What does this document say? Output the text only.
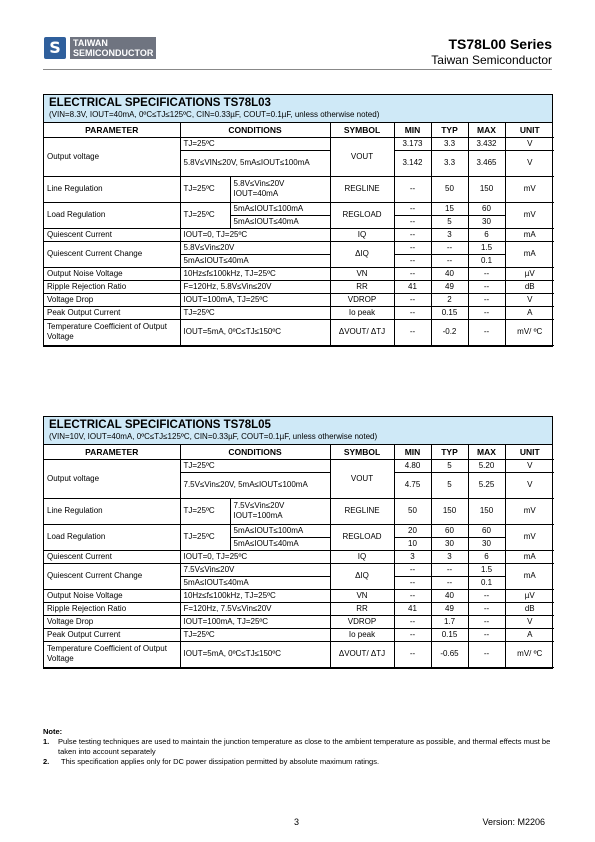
S	TAIWAN
SEMICONDUCTOR
TS78L00 Series
Taiwan Semiconductor
ELECTRICAL SPECIFICATIONS TS78L03
(VIN=8.3V, IOUT=40mA, 0ºC≤TJ≤125ºC, CIN=0.33µF, COUT=0.1µF, unless otherwise noted)
PARAMETER	CONDITIONS		SYMBOL	MIN	TYP	MAX	UNIT
Output voltage	TJ=25ºC		VOUT	3.173	3.3	3.432	V
	5.8V≤VIN≤20V, 5mA≤IOUT≤100mA			3.142	3.3	3.465	V
Line Regulation	TJ=25ºC	5.8V≤Vin≤20V IOUT=40mA	REGLINE	--	50	150	mV
Load Regulation	TJ=25ºC	5mA≤IOUT≤100mA	REGLOAD	--	15	60	mV
		5mA≤IOUT≤40mA		--	5	30	
Quiescent Current	IOUT=0, TJ=25ºC		IQ	--	3	6	mA
Quiescent Current Change	5.8V≤Vin≤20V		ΔIQ	--	--	1.5	mA
	5mA≤IOUT≤40mA			--	--	0.1	
Output Noise Voltage	10Hz≤f≤100kHz, TJ=25ºC		VN	--	40	--	µV
Ripple Rejection Ratio	F=120Hz, 5.8V≤Vin≤20V		RR	41	49	--	dB
Voltage Drop	IOUT=100mA, TJ=25ºC		VDROP	--	2	--	V
Peak Output Current	TJ=25ºC		Io peak	--	0.15	--	A
Temperature Coefficient of Output Voltage	IOUT=5mA, 0ºC≤TJ≤150ºC		ΔVOUT/ ΔTJ	--	-0.2	--	mV/ ºC
ELECTRICAL SPECIFICATIONS TS78L05
(VIN=10V, IOUT=40mA, 0ºC≤TJ≤125ºC, CIN=0.33µF, COUT=0.1µF, unless otherwise noted)
PARAMETER	CONDITIONS		SYMBOL	MIN	TYP	MAX	UNIT
Output voltage	TJ=25ºC		VOUT	4.80	5	5.20	V
	7.5V≤Vin≤20V, 5mA≤IOUT≤100mA			4.75	5	5.25	V
Line Regulation	TJ=25ºC	7.5V≤Vin≤20V IOUT=100mA	REGLINE	50	150	150	mV
Load Regulation	TJ=25ºC	5mA≤IOUT≤100mA	REGLOAD	20	60	60	mV
		5mA≤IOUT≤40mA		10	30	30	
Quiescent Current	IOUT=0, TJ=25ºC		IQ	3	3	6	mA
Quiescent Current Change	7.5V≤Vin≤20V		ΔIQ	--	--	1.5	mA
	5mA≤IOUT≤40mA			--	--	0.1	
Output Noise Voltage	10Hz≤f≤100kHz, TJ=25ºC		VN	--	40	--	µV
Ripple Rejection Ratio	F=120Hz, 7.5V≤Vin≤20V		RR	41	49	--	dB
Voltage Drop	IOUT=100mA, TJ=25ºC		VDROP	--	1.7	--	V
Peak Output Current	TJ=25ºC		Io peak	--	0.15	--	A
Temperature Coefficient of Output Voltage	IOUT=5mA, 0ºC≤TJ≤150ºC		ΔVOUT/ ΔTJ	--	-0.65	--	mV/ ºC
Note:
1.	Pulse testing techniques are used to maintain the junction temperature as close to the ambient temperature as possible, and thermal effects must be taken into account separately
2.	This specification applies only for DC power dissipation permitted by absolute maximum ratings.
3	Version: M2206
